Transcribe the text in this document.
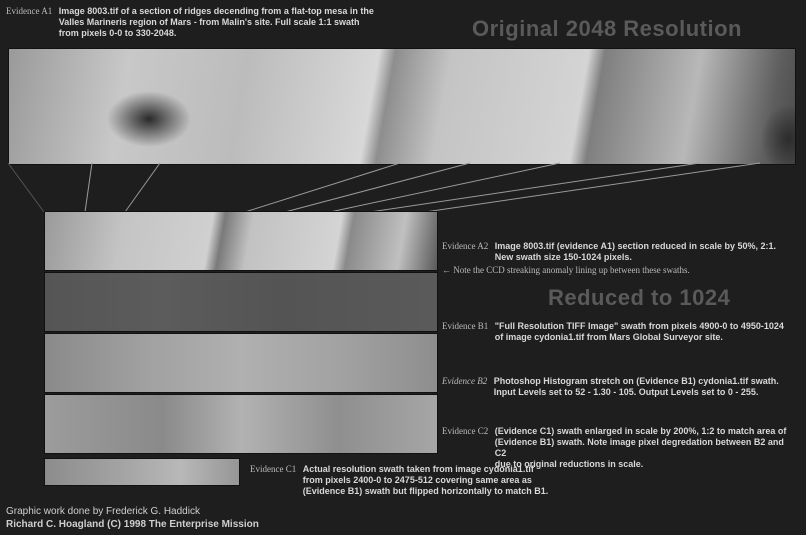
Evidence A1 Image 8003.tif of a section of ridges decending from a flat-top mesa in the
Valles Marineris region of Mars - from Malin's site. Full scale 1:1 swath
from pixels 0-0 to 330-2048.	Original 2048 Resolution
Evidence A2 Image 8003.tif (evidence A1) section reduced in scale by 50%, 2:1.
New swath size 150-1024 pixels.
← Note the CCD streaking anomaly lining up between these swaths.
Reduced to 1024
Evidence B1 "Full Resolution TIFF Image" swath from pixels 4900-0 to 4950-1024
of image cydonia1.tif from Mars Global Surveyor site.
Evidence B2 Photoshop Histogram stretch on (Evidence B1) cydonia1.tif swath.
Input Levels set to 52 - 1.30 - 105. Output Levels set to 0 - 255.
Evidence C2 (Evidence C1) swath enlarged in scale by 200%, 1:2 to match area of
(Evidence B1) swath. Note image pixel degredation between B2 and C2
due to original reductions in scale.
Evidence C1 Actual resolution swath taken from image cydonia1.tif
from pixels 2400-0 to 2475-512 covering same area as
(Evidence B1) swath but flipped horizontally to match B1.
Graphic work done by Frederick G. Haddick
Richard C. Hoagland (C) 1998 The Enterprise Mission
